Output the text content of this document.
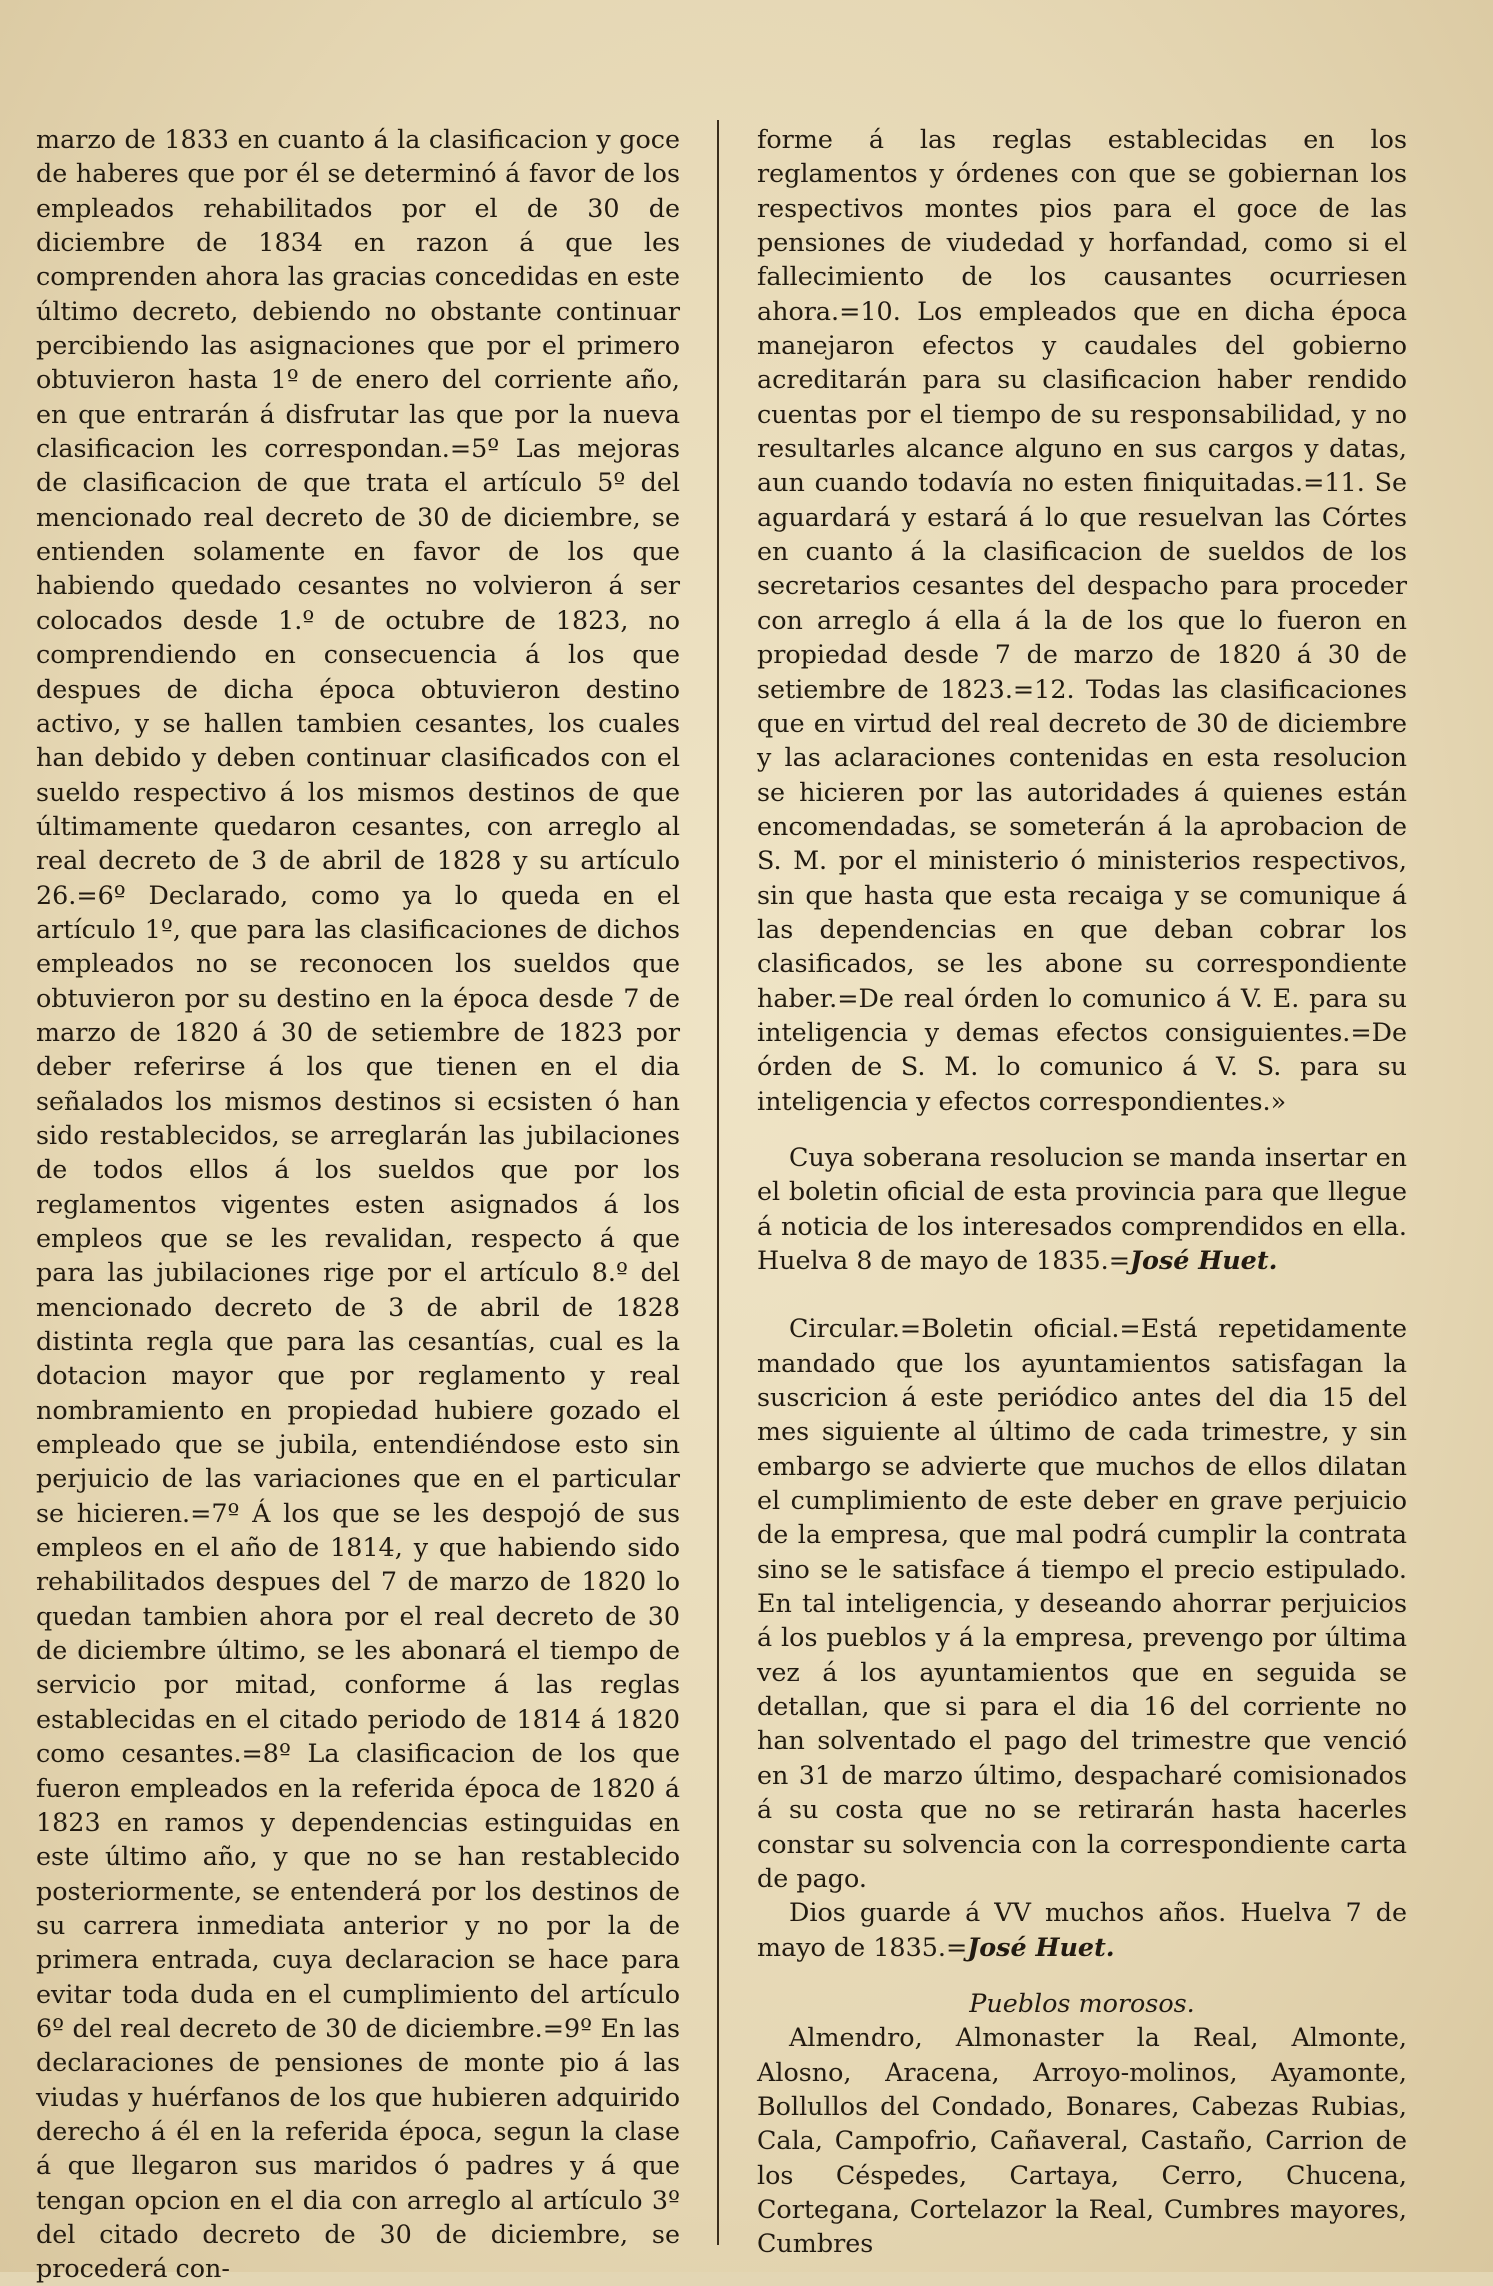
marzo de 1833 en cuanto á la clasificacion y goce de haberes que por él se determinó á favor de los empleados rehabilitados por el de 30 de diciembre de 1834 en razon á que les comprenden ahora las gracias concedidas en este último decreto, debiendo no obstante continuar percibiendo las asignaciones que por el primero obtuvieron hasta 1º de enero del corriente año, en que entrarán á disfrutar las que por la nueva clasificacion les correspondan.=5º Las mejoras de clasificacion de que trata el artículo 5º del mencionado real decreto de 30 de diciembre, se entienden solamente en favor de los que habiendo quedado cesantes no volvieron á ser colocados desde 1.º de octubre de 1823, no comprendiendo en consecuencia á los que despues de dicha época obtuvieron destino activo, y se hallen tambien cesantes, los cuales han debido y deben continuar clasificados con el sueldo respectivo á los mismos destinos de que últimamente quedaron cesantes, con arreglo al real decreto de 3 de abril de 1828 y su artículo 26.=6º Declarado, como ya lo queda en el artículo 1º, que para las clasificaciones de dichos empleados no se reconocen los sueldos que obtuvieron por su destino en la época desde 7 de marzo de 1820 á 30 de setiembre de 1823 por deber referirse á los que tienen en el dia señalados los mismos destinos si ecsisten ó han sido restablecidos, se arreglarán las jubilaciones de todos ellos á los sueldos que por los reglamentos vigentes esten asignados á los empleos que se les revalidan, respecto á que para las jubilaciones rige por el artículo 8.º del mencionado decreto de 3 de abril de 1828 distinta regla que para las cesantías, cual es la dotacion mayor que por reglamento y real nombramiento en propiedad hubiere gozado el empleado que se jubila, entendiéndose esto sin perjuicio de las variaciones que en el particular se hicieren.=7º Á los que se les despojó de sus empleos en el año de 1814, y que habiendo sido rehabilitados despues del 7 de marzo de 1820 lo quedan tambien ahora por el real decreto de 30 de diciembre último, se les abonará el tiempo de servicio por mitad, conforme á las reglas establecidas en el citado periodo de 1814 á 1820 como cesantes.=8º La clasificacion de los que fueron empleados en la referida época de 1820 á 1823 en ramos y dependencias estinguidas en este último año, y que no se han restablecido posteriormente, se entenderá por los destinos de su carrera inmediata anterior y no por la de primera entrada, cuya declaracion se hace para evitar toda duda en el cumplimiento del artículo 6º del real decreto de 30 de diciembre.=9º En las declaraciones de pensiones de monte pio á las viudas y huérfanos de los que hubieren adquirido derecho á él en la referida época, segun la clase á que llegaron sus maridos ó padres y á que tengan opcion en el dia con arreglo al artículo 3º del citado decreto de 30 de diciembre, se procederá con-

forme á las reglas establecidas en los reglamentos y órdenes con que se gobiernan los respectivos montes pios para el goce de las pensiones de viudedad y horfandad, como si el fallecimiento de los causantes ocurriesen ahora.=10. Los empleados que en dicha época manejaron efectos y caudales del gobierno acreditarán para su clasificacion haber rendido cuentas por el tiempo de su responsabilidad, y no resultarles alcance alguno en sus cargos y datas, aun cuando todavía no esten finiquitadas.=11. Se aguardará y estará á lo que resuelvan las Córtes en cuanto á la clasificacion de sueldos de los secretarios cesantes del despacho para proceder con arreglo á ella á la de los que lo fueron en propiedad desde 7 de marzo de 1820 á 30 de setiembre de 1823.=12. Todas las clasificaciones que en virtud del real decreto de 30 de diciembre y las aclaraciones contenidas en esta resolucion se hicieren por las autoridades á quienes están encomendadas, se someterán á la aprobacion de S. M. por el ministerio ó ministerios respectivos, sin que hasta que esta recaiga y se comunique á las dependencias en que deban cobrar los clasificados, se les abone su correspondiente haber.=De real órden lo comunico á V. E. para su inteligencia y demas efectos consiguientes.=De órden de S. M. lo comunico á V. S. para su inteligencia y efectos correspondientes.»

Cuya soberana resolucion se manda insertar en el boletin oficial de esta provincia para que llegue á noticia de los interesados comprendidos en ella. Huelva 8 de mayo de 1835.=José Huet.

Circular.=Boletin oficial.=Está repetidamente mandado que los ayuntamientos satisfagan la suscricion á este periódico antes del dia 15 del mes siguiente al último de cada trimestre, y sin embargo se advierte que muchos de ellos dilatan el cumplimiento de este deber en grave perjuicio de la empresa, que mal podrá cumplir la contrata sino se le satisface á tiempo el precio estipulado. En tal inteligencia, y deseando ahorrar perjuicios á los pueblos y á la empresa, prevengo por última vez á los ayuntamientos que en seguida se detallan, que si para el dia 16 del corriente no han solventado el pago del trimestre que venció en 31 de marzo último, despacharé comisionados á su costa que no se retirarán hasta hacerles constar su solvencia con la correspondiente carta de pago.

Dios guarde á VV muchos años. Huelva 7 de mayo de 1835.=José Huet.

Pueblos morosos.

Almendro, Almonaster la Real, Almonte, Alosno, Aracena, Arroyo-molinos, Ayamonte, Bollullos del Condado, Bonares, Cabezas Rubias, Cala, Campofrio, Cañaveral, Castaño, Carrion de los Céspedes, Cartaya, Cerro, Chucena, Cortegana, Cortelazor la Real, Cumbres mayores, Cumbres
